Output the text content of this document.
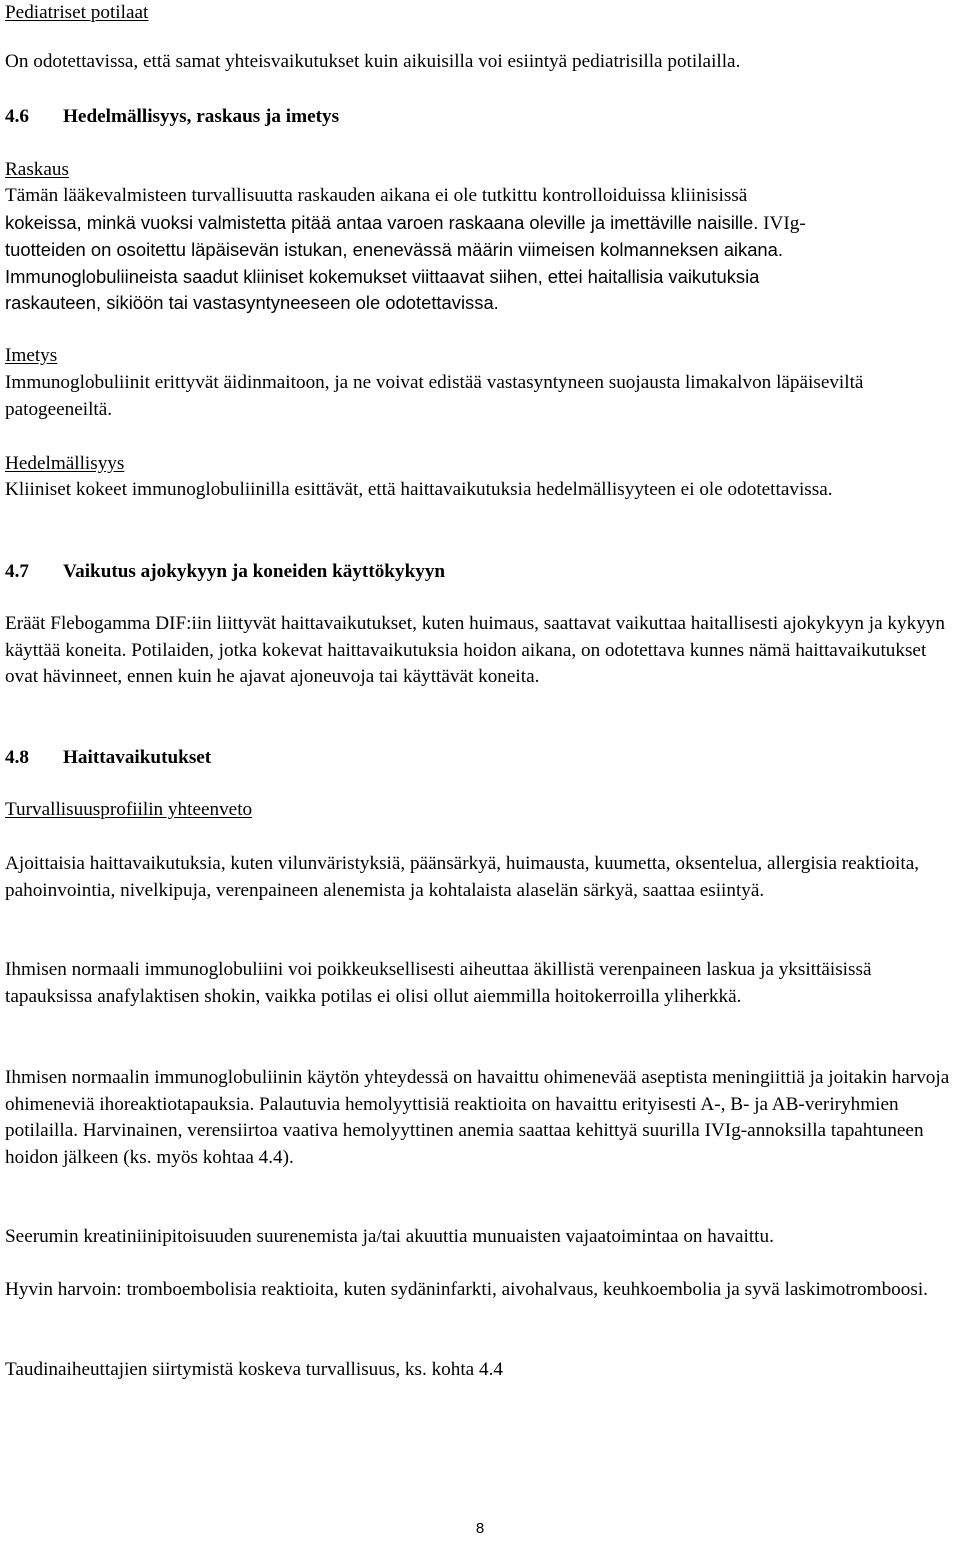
Pediatriset potilaat
On odotettavissa, että samat yhteisvaikutukset kuin aikuisilla voi esiintyä pediatrisilla potilailla.
4.6 Hedelmällisyys, raskaus ja imetys
Raskaus

Tämän lääkevalmisteen turvallisuutta raskauden aikana ei ole tutkittu kontrolloiduissa kliinisissä

kokeissa, minkä vuoksi valmistetta pitää antaa varoen raskaana oleville ja imettäville naisille. IVIg-

tuotteiden on osoitettu läpäisevän istukan, enenevässä määrin viimeisen kolmanneksen aikana.

Immunoglobuliineista saadut kliiniset kokemukset viittaavat siihen, ettei haitallisia vaikutuksia

raskauteen, sikiöön tai vastasyntyneeseen ole odotettavissa.

Imetys
Immunoglobuliinit erittyvät äidinmaitoon, ja ne voivat edistää vastasyntyneen suojausta limakalvon läpäiseviltä patogeeneiltä.
Hedelmällisyys
Kliiniset kokeet immunoglobuliinilla esittävät, että haittavaikutuksia hedelmällisyyteen ei ole odotettavissa.
4.7 Vaikutus ajokykyyn ja koneiden käyttökykyyn
Eräät Flebogamma DIF:iin liittyvät haittavaikutukset, kuten huimaus, saattavat vaikuttaa haitallisesti ajokykyyn ja kykyyn käyttää koneita. Potilaiden, jotka kokevat haittavaikutuksia hoidon aikana, on odotettava kunnes nämä haittavaikutukset ovat hävinneet, ennen kuin he ajavat ajoneuvoja tai käyttävät koneita.
4.8 Haittavaikutukset
Turvallisuusprofiilin yhteenveto
Ajoittaisia haittavaikutuksia, kuten vilunväristyksiä, päänsärkyä, huimausta, kuumetta, oksentelua, allergisia reaktioita, pahoinvointia, nivelkipuja, verenpaineen alenemista ja kohtalaista alaselän särkyä, saattaa esiintyä.
Ihmisen normaali immunoglobuliini voi poikkeuksellisesti aiheuttaa äkillistä verenpaineen laskua ja yksittäisissä tapauksissa anafylaktisen shokin, vaikka potilas ei olisi ollut aiemmilla hoitokerroilla yliherkkä.
Ihmisen normaalin immunoglobuliinin käytön yhteydessä on havaittu ohimenevää aseptista meningiittiä ja joitakin harvoja ohimeneviä ihoreaktiotapauksia. Palautuvia hemolyyttisiä reaktioita on havaittu erityisesti A-, B- ja AB-veriryhmien potilailla. Harvinainen, verensiirtoa vaativa hemolyyttinen anemia saattaa kehittyä suurilla IVIg-annoksilla tapahtuneen hoidon jälkeen (ks. myös kohtaa 4.4).
Seerumin kreatiniinipitoisuuden suurenemista ja/tai akuuttia munuaisten vajaatoimintaa on havaittu.
Hyvin harvoin: tromboembolisia reaktioita, kuten sydäninfarkti, aivohalvaus, keuhkoembolia ja syvä laskimotromboosi.
Taudinaiheuttajien siirtymistä koskeva turvallisuus, ks. kohta 4.4
8
